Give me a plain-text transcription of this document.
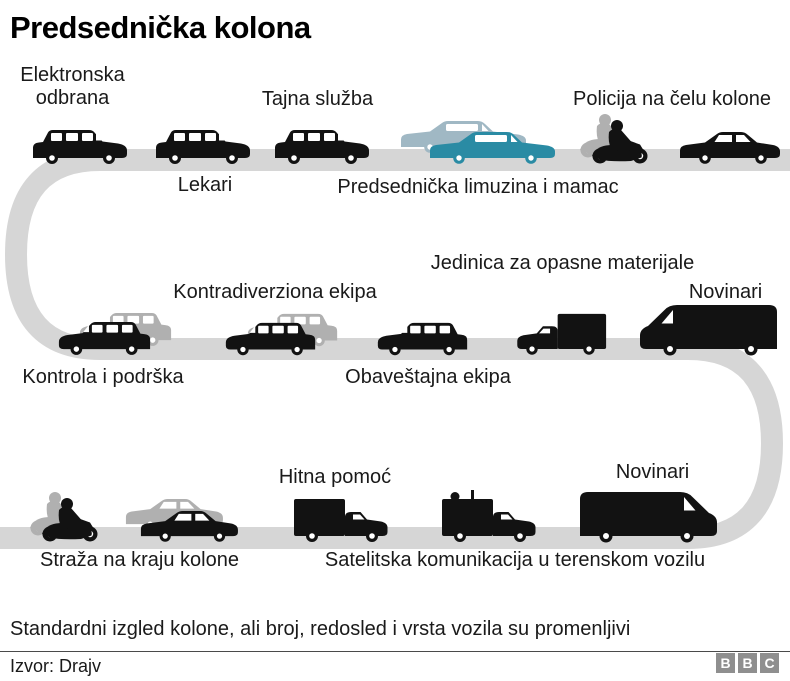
Predsednička kolona
Elektronska odbrana	Tajna služba	Policija na čelu kolone
Lekari	Predsednička limuzina i mamac
Jedinica za opasne materijale
Kontradiverziona ekipa	Novinari
Kontrola i podrška	Obaveštajna ekipa
Hitna pomoć	Novinari
Straža na kraju kolone	Satelitska komunikacija u terenskom vozilu
Standardni izgled kolone, ali broj, redosled i vrsta vozila su promenljivi
Izvor: Drajv	B B C
